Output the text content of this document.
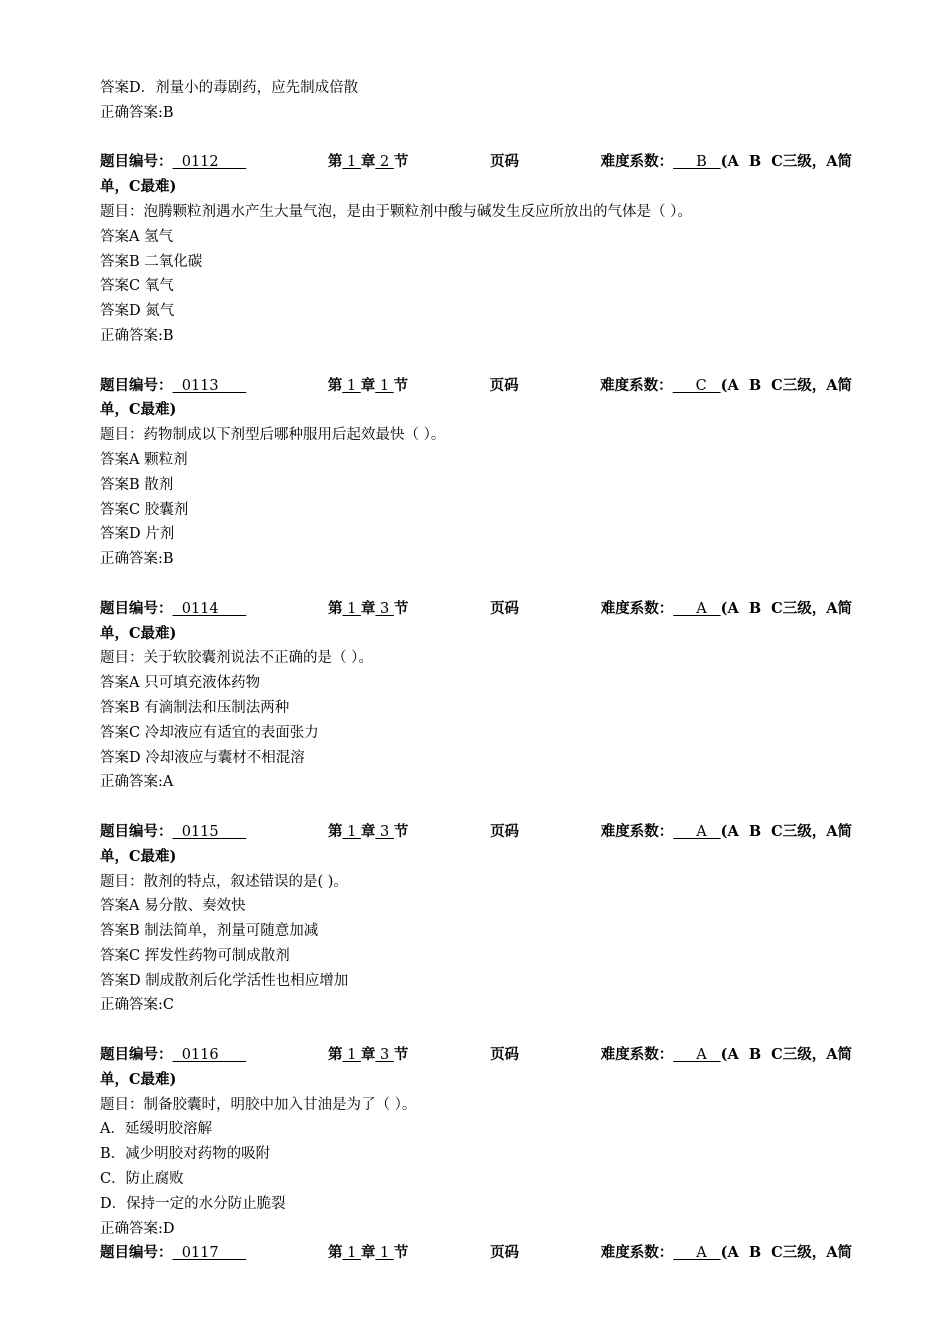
答案D．剂量小的毒剧药，应先制成倍散
正确答案:B
题目编号：  0112	第 1 章 2 节	页码	难度系数：     B   (A  B  C三级，A简
单，C最难)
题目：泡腾颗粒剂遇水产生大量气泡，是由于颗粒剂中酸与碱发生反应所放出的气体是（ ）。
答案A 氢气
答案B 二氧化碳
答案C 氧气
答案D 氮气
正确答案:B
题目编号：  0113	第 1 章 1 节	页码	难度系数：     C   (A  B  C三级，A简
单，C最难)
题目：药物制成以下剂型后哪种服用后起效最快（ ）。
答案A 颗粒剂
答案B 散剂
答案C 胶囊剂
答案D 片剂
正确答案:B
题目编号：  0114	第 1 章 3 节	页码	难度系数：     A   (A  B  C三级，A简
单，C最难)
题目：关于软胶囊剂说法不正确的是（ ）。
答案A 只可填充液体药物
答案B 有滴制法和压制法两种
答案C 冷却液应有适宜的表面张力
答案D 冷却液应与囊材不相混溶
正确答案:A
题目编号：  0115	第 1 章 3 节	页码	难度系数：     A   (A  B  C三级，A简
单，C最难)
题目：散剂的特点，叙述错误的是( )。
答案A 易分散、奏效快
答案B 制法简单，剂量可随意加减
答案C 挥发性药物可制成散剂
答案D 制成散剂后化学活性也相应增加
正确答案:C
题目编号：  0116	第 1 章 3 节	页码	难度系数：     A   (A  B  C三级，A简
单，C最难)
题目：制备胶囊时，明胶中加入甘油是为了（ ）。
A．延缓明胶溶解
B．减少明胶对药物的吸附
C．防止腐败
D．保持一定的水分防止脆裂
正确答案:D
题目编号：  0117	第 1 章 1 节	页码	难度系数：     A   (A  B  C三级，A简
